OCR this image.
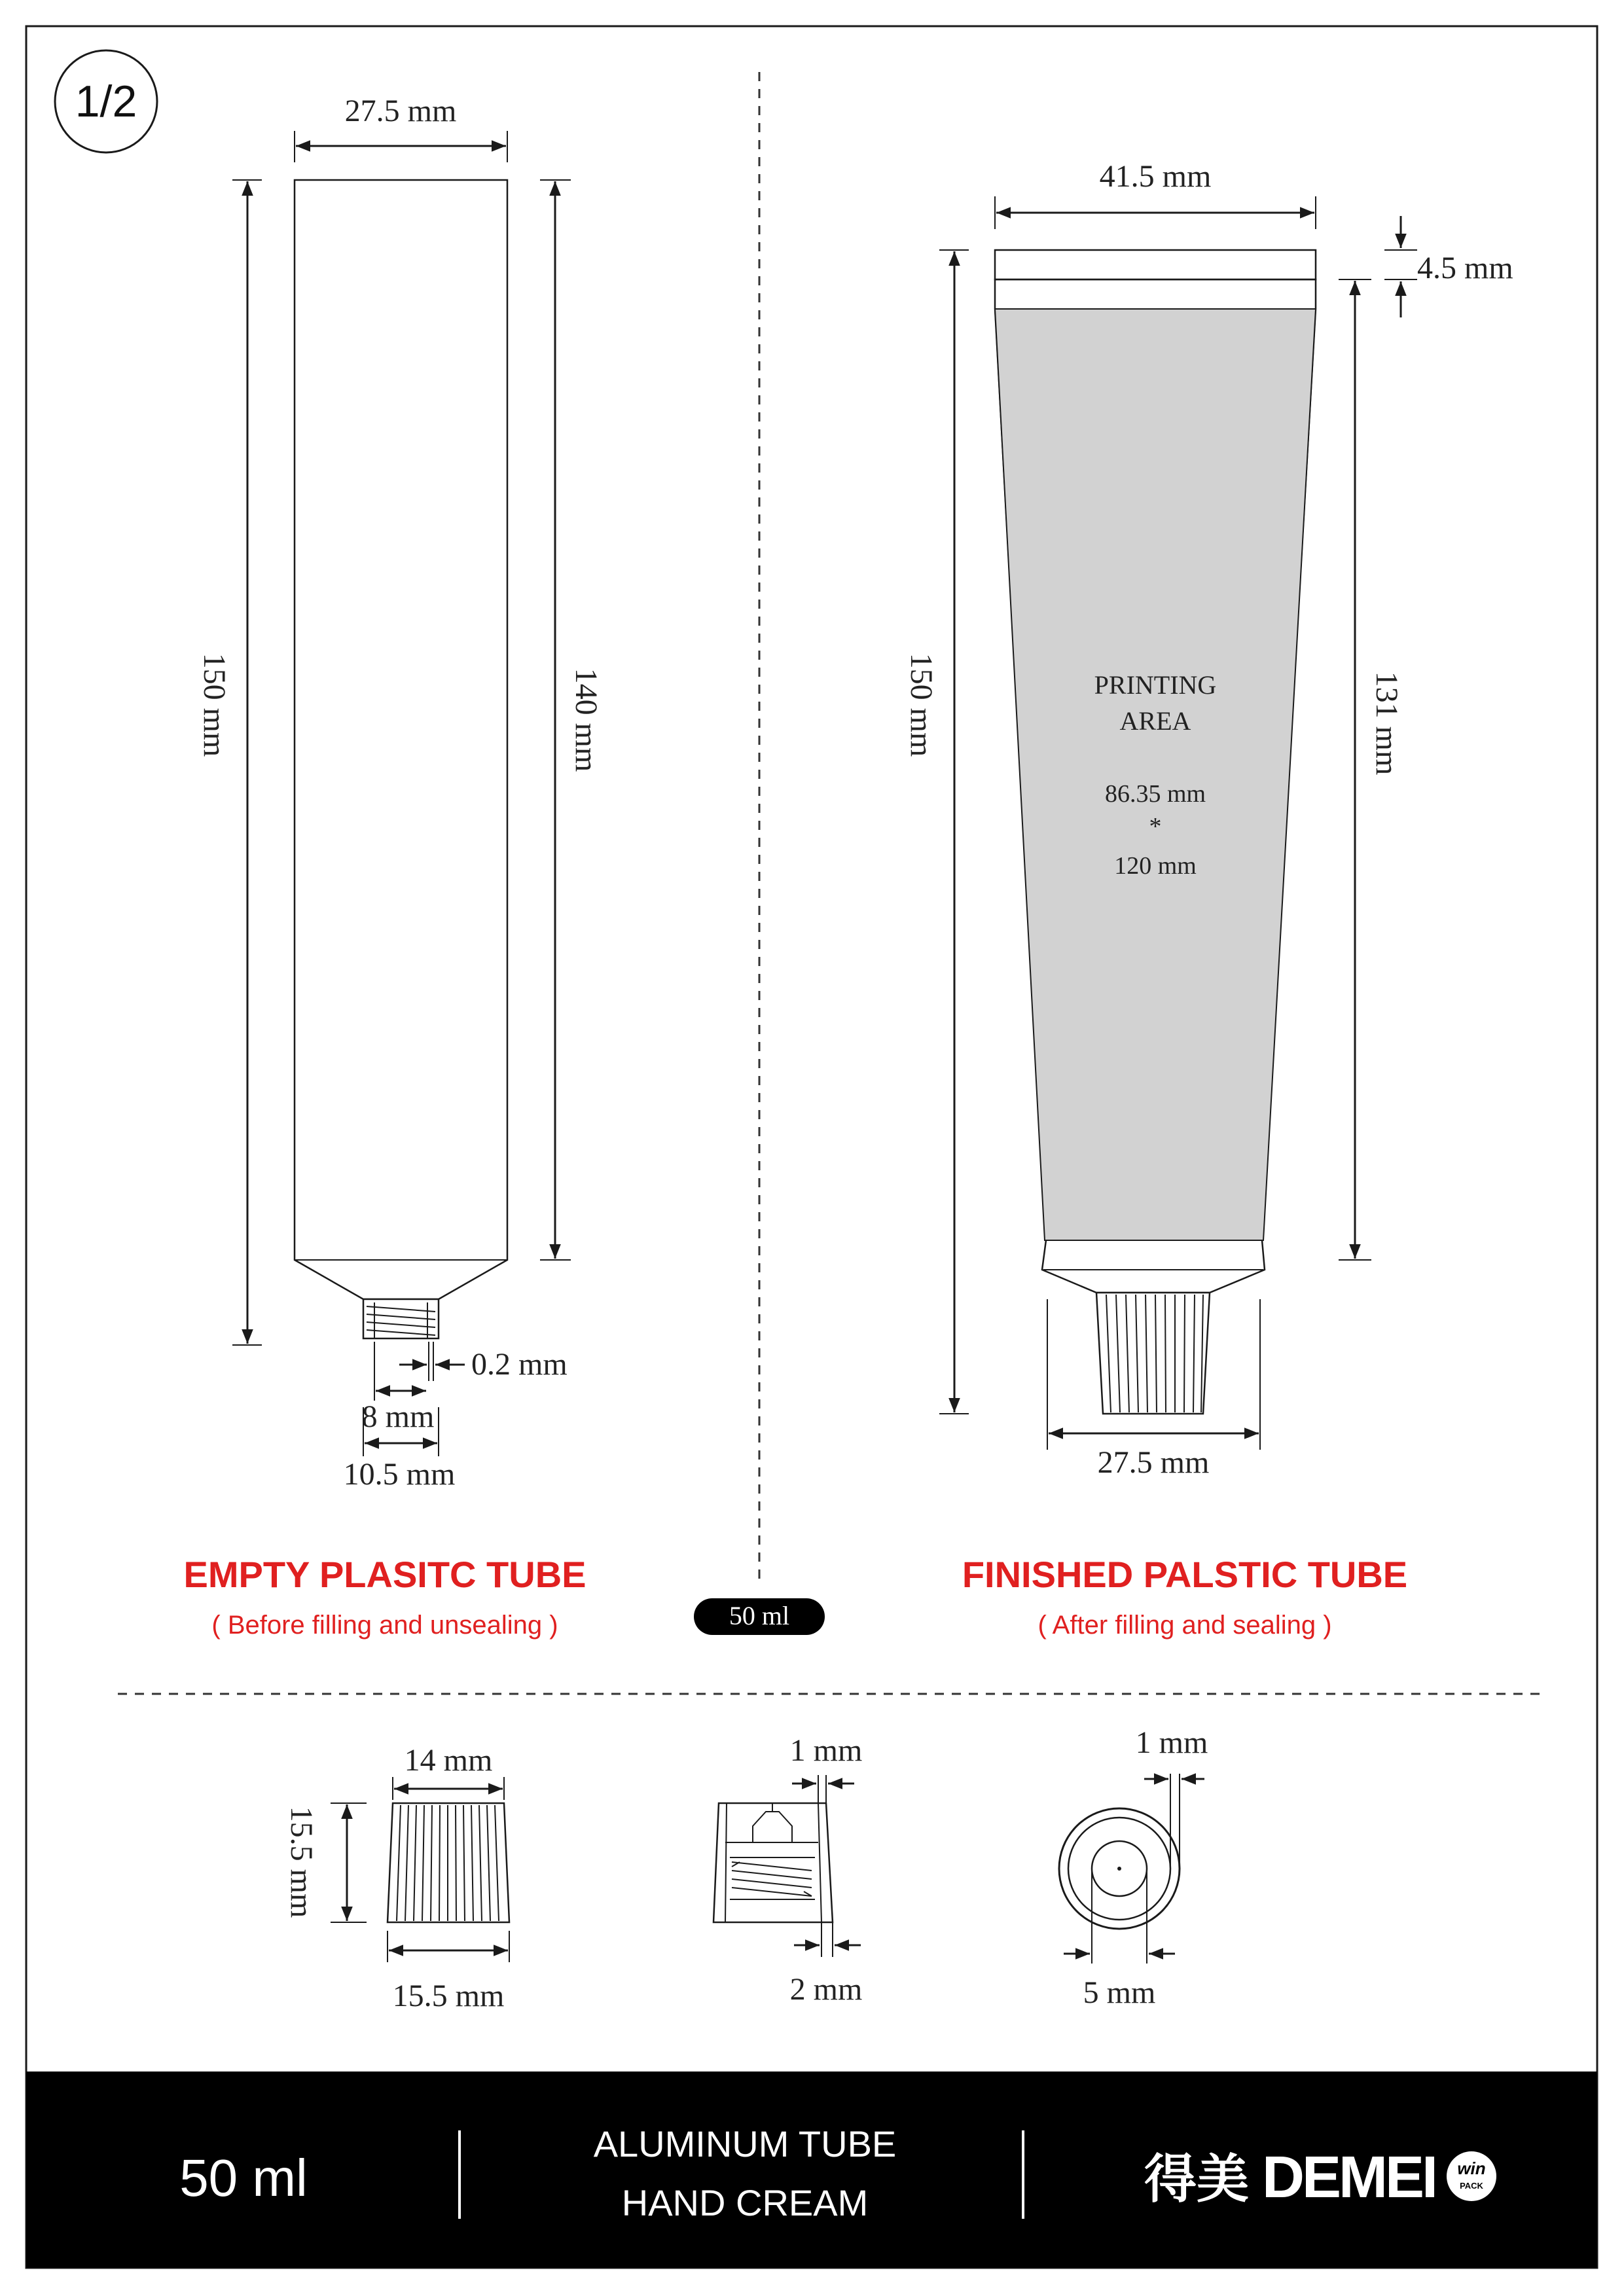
1/2	27.5 mm
150 mm	140 mm
0.2 mm
8 mm
10.5 mm
EMPTY PLASITC TUBE
( Before filling and unsealing )	50 ml
PRINTING
AREA
86.35 mm
*
120 mm
41.5 mm
4.5 mm
150 mm	131 mm
27.5 mm
FINISHED PALSTIC TUBE
( After filling and sealing )
14 mm
15.5 mm
15.5 mm
1 mm
2 mm
1 mm
5 mm
50 ml
ALUMINUM TUBE
HAND CREAM	得美 DEMEI win
PACK
